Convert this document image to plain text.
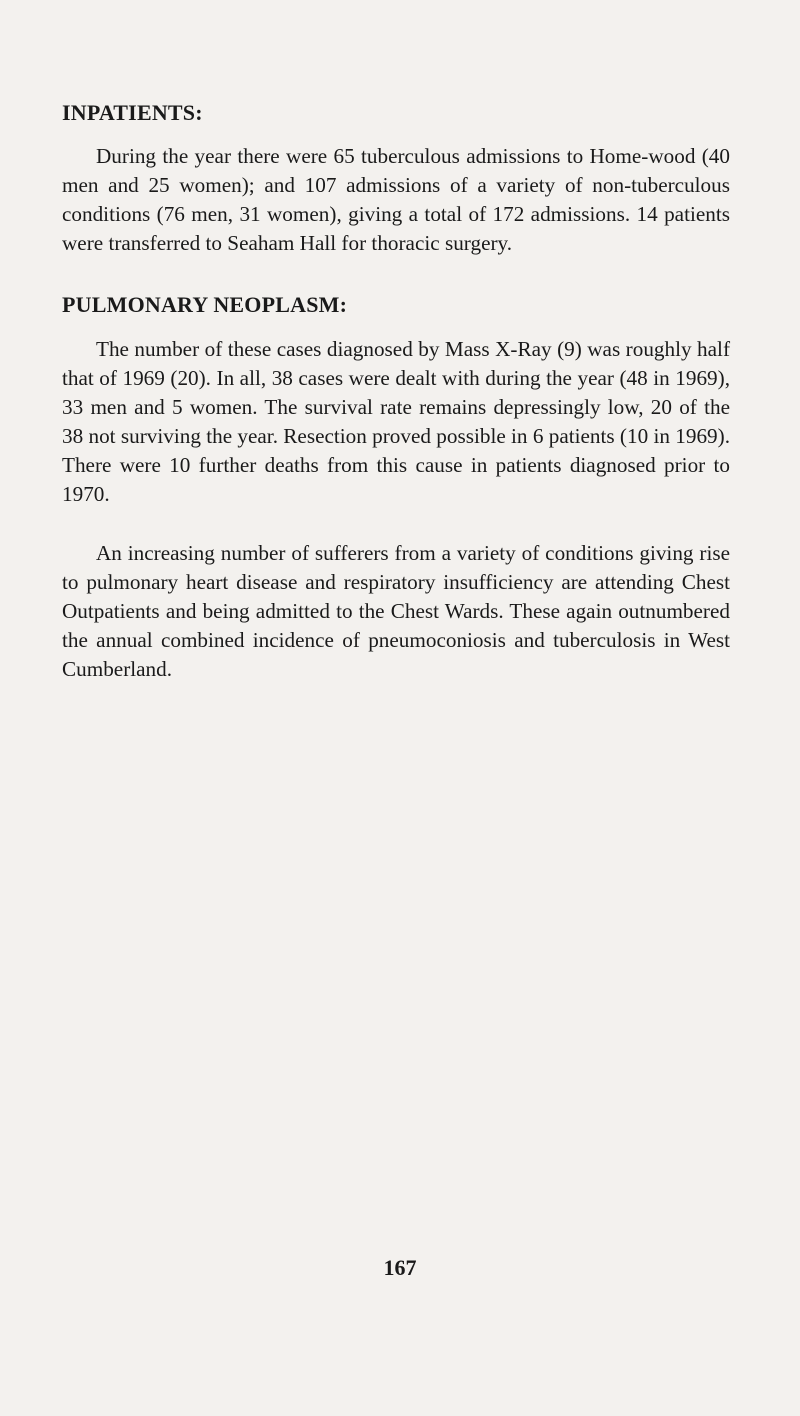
INPATIENTS:

During the year there were 65 tuberculous admissions to Home-wood (40 men and 25 women); and 107 admissions of a variety of non-tuberculous conditions (76 men, 31 women), giving a total of 172 admissions. 14 patients were transferred to Seaham Hall for thoracic surgery.

PULMONARY NEOPLASM:

The number of these cases diagnosed by Mass X-Ray (9) was roughly half that of 1969 (20). In all, 38 cases were dealt with during the year (48 in 1969), 33 men and 5 women. The survival rate remains depressingly low, 20 of the 38 not surviving the year. Resection proved possible in 6 patients (10 in 1969). There were 10 further deaths from this cause in patients diagnosed prior to 1970.

An increasing number of sufferers from a variety of conditions giving rise to pulmonary heart disease and respiratory insufficiency are attending Chest Outpatients and being admitted to the Chest Wards. These again outnumbered the annual combined incidence of pneumoconiosis and tuberculosis in West Cumberland.

167
